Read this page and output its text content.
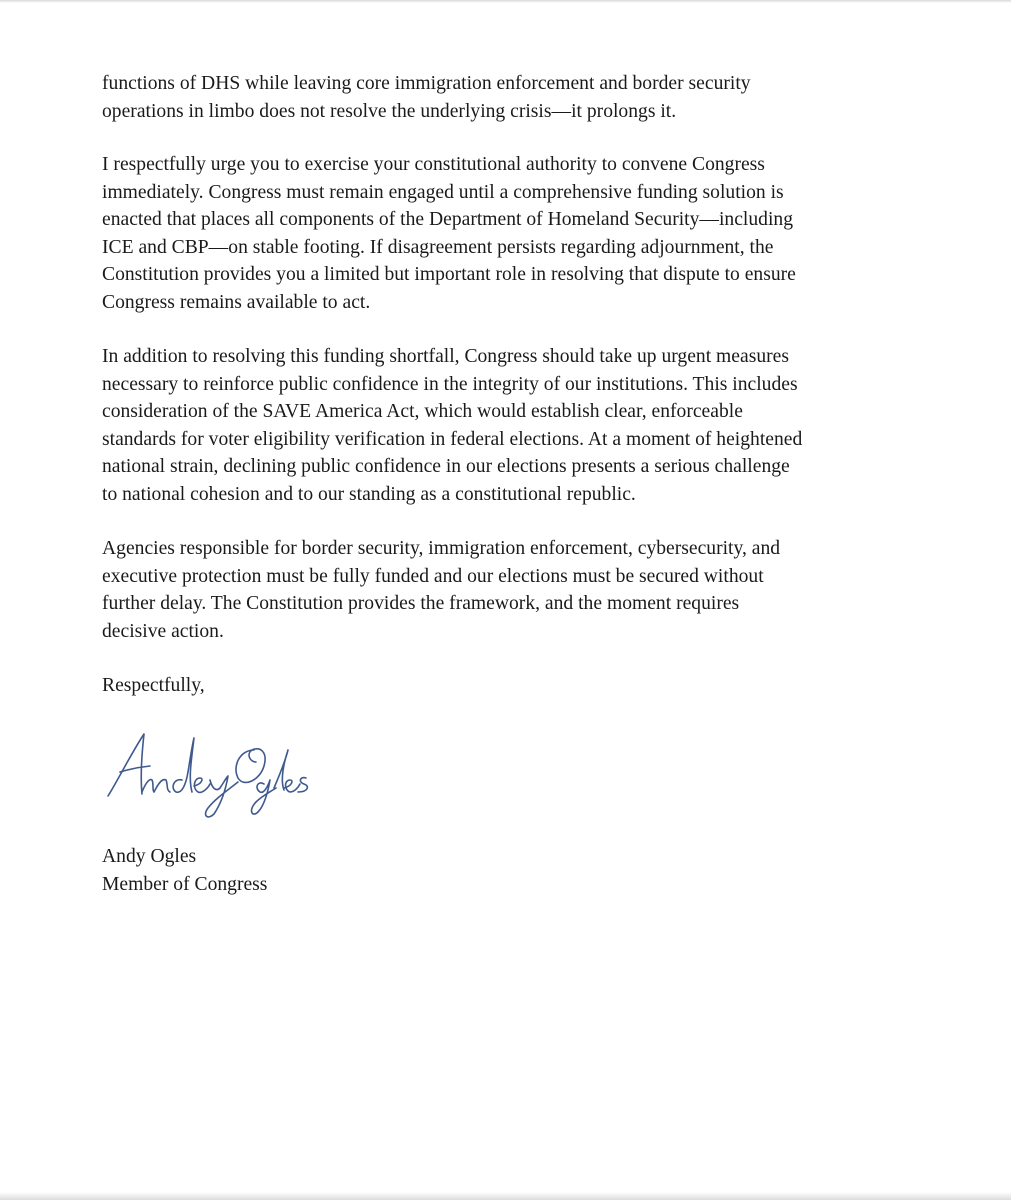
functions of DHS while leaving core immigration enforcement and border security
operations in limbo does not resolve the underlying crisis—it prolongs it.

I respectfully urge you to exercise your constitutional authority to convene Congress
immediately. Congress must remain engaged until a comprehensive funding solution is
enacted that places all components of the Department of Homeland Security—including
ICE and CBP—on stable footing. If disagreement persists regarding adjournment, the
Constitution provides you a limited but important role in resolving that dispute to ensure
Congress remains available to act.

In addition to resolving this funding shortfall, Congress should take up urgent measures
necessary to reinforce public confidence in the integrity of our institutions. This includes
consideration of the SAVE America Act, which would establish clear, enforceable
standards for voter eligibility verification in federal elections. At a moment of heightened
national strain, declining public confidence in our elections presents a serious challenge
to national cohesion and to our standing as a constitutional republic.

Agencies responsible for border security, immigration enforcement, cybersecurity, and
executive protection must be fully funded and our elections must be secured without
further delay. The Constitution provides the framework, and the moment requires
decisive action.

Respectfully,
Andy Ogles
Member of Congress
